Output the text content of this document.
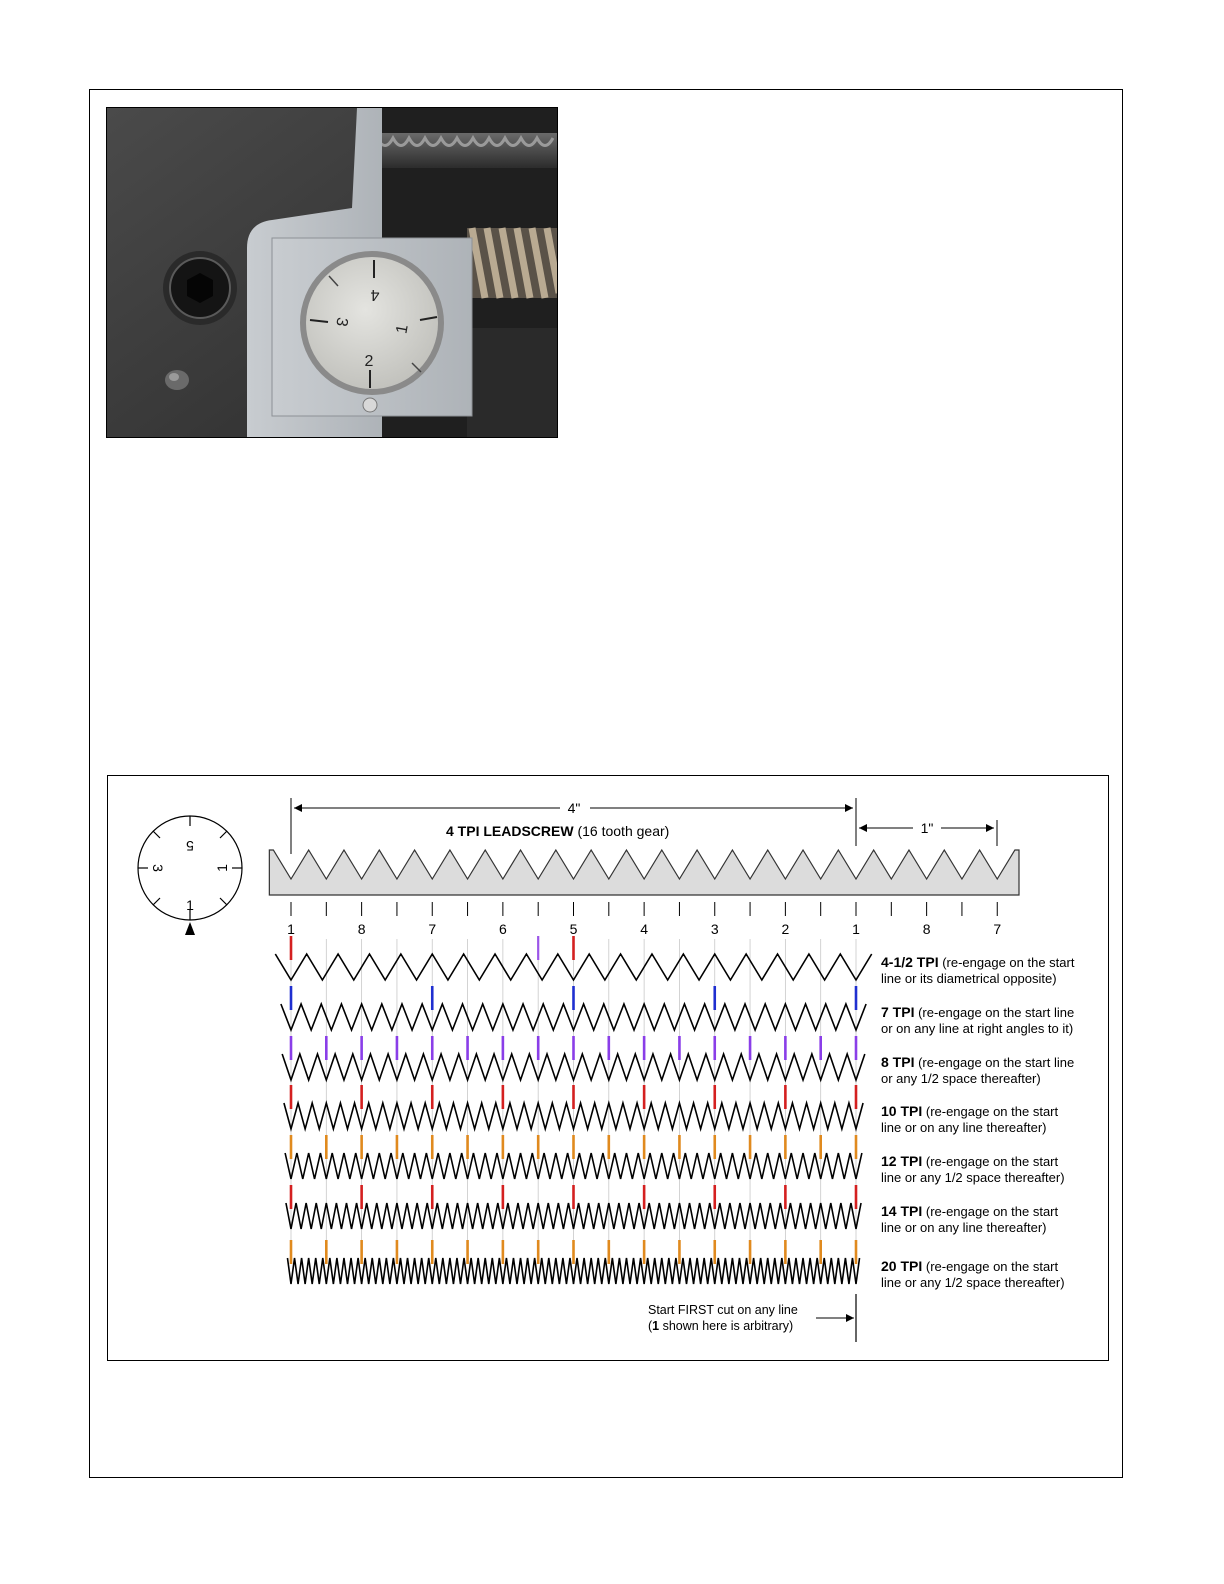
4
3
1
2
5
3
1
1
4"
1"
4 TPI LEADSCREW (16 tooth gear)
1	8	7	6	5	4	3	2	1	8	7
4-1/2 TPI (re-engage on the start
line or its diametrical opposite)
7 TPI (re-engage on the start line
or on any line at right angles to it)
8 TPI (re-engage on the start line
or any 1/2 space thereafter)
10 TPI (re-engage on the start
line or on any line thereafter)
12 TPI (re-engage on the start
line or any 1/2 space thereafter)
14 TPI (re-engage on the start
line or on any line thereafter)
20 TPI (re-engage on the start
line or any 1/2 space thereafter)
Start FIRST cut on any line
(1 shown here is arbitrary)
